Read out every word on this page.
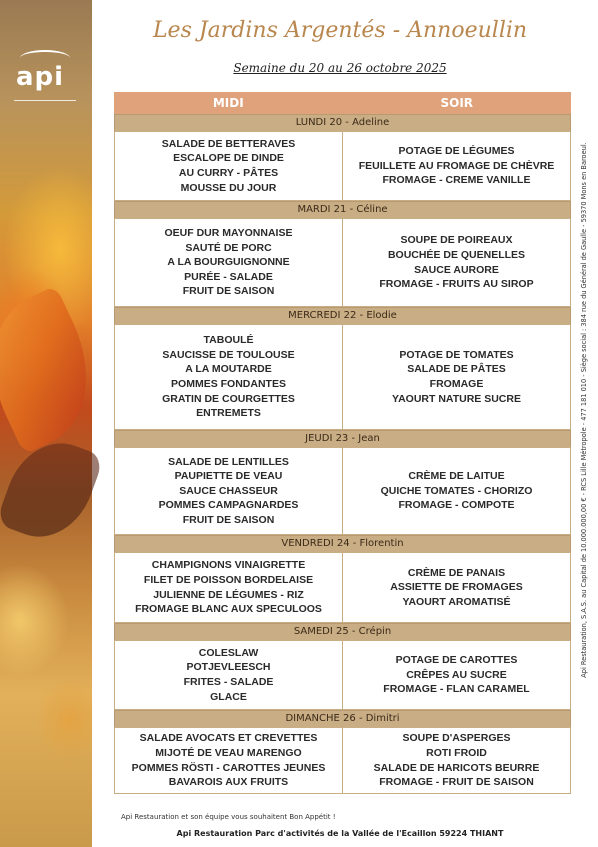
api
Les Jardins Argentés - Annoeullin
Semaine du 20 au 26 octobre 2025
MIDI	SOIR
LUNDI 20 - Adeline
SALADE DE BETTERAVES
ESCALOPE DE DINDE
AU CURRY - PÂTES
MOUSSE DU JOUR
POTAGE DE LÉGUMES
FEUILLETE AU FROMAGE DE CHÈVRE
FROMAGE - CREME VANILLE
MARDI 21 - Céline
OEUF DUR MAYONNAISE
SAUTÉ DE PORC
A LA BOURGUIGNONNE
PURÉE - SALADE
FRUIT DE SAISON
SOUPE DE POIREAUX
BOUCHÉE DE QUENELLES
SAUCE AURORE
FROMAGE - FRUITS AU SIROP
MERCREDI 22 - Elodie
TABOULÉ
SAUCISSE DE TOULOUSE
A LA MOUTARDE
POMMES FONDANTES
GRATIN DE COURGETTES
ENTREMETS
POTAGE DE TOMATES
SALADE DE PÂTES
FROMAGE
YAOURT NATURE SUCRE
JEUDI 23 - Jean
SALADE DE LENTILLES
PAUPIETTE DE VEAU
SAUCE CHASSEUR
POMMES CAMPAGNARDES
FRUIT DE SAISON
CRÈME DE LAITUE
QUICHE TOMATES - CHORIZO
FROMAGE - COMPOTE
VENDREDI 24 - Florentin
CHAMPIGNONS VINAIGRETTE
FILET DE POISSON BORDELAISE
JULIENNE DE LÉGUMES - RIZ
FROMAGE BLANC AUX SPECULOOS
CRÈME DE PANAIS
ASSIETTE DE FROMAGES
YAOURT AROMATISÉ
SAMEDI 25 - Crépin
COLESLAW
POTJEVLEESCH
FRITES - SALADE
GLACE
POTAGE DE CAROTTES
CRÊPES AU SUCRE
FROMAGE - FLAN CARAMEL
DIMANCHE 26 - Dimitri
SALADE AVOCATS ET CREVETTES
MIJOTÉ DE VEAU MARENGO
POMMES RÖSTI - CAROTTES JEUNES
BAVAROIS AUX FRUITS
SOUPE D'ASPERGES
ROTI FROID
SALADE DE HARICOTS BEURRE
FROMAGE - FRUIT DE SAISON
Api Restauration, S.A.S. au Capital de 10.000.000,00 € - RCS Lille Métropole - 477 181 010 - Siège social : 384 rue du Général de Gaulle - 59370 Mons en Baroeul.
Api Restauration et son équipe vous souhaitent Bon Appétit !
Api Restauration Parc d'activités de la Vallée de l'Ecaillon 59224 THIANT
